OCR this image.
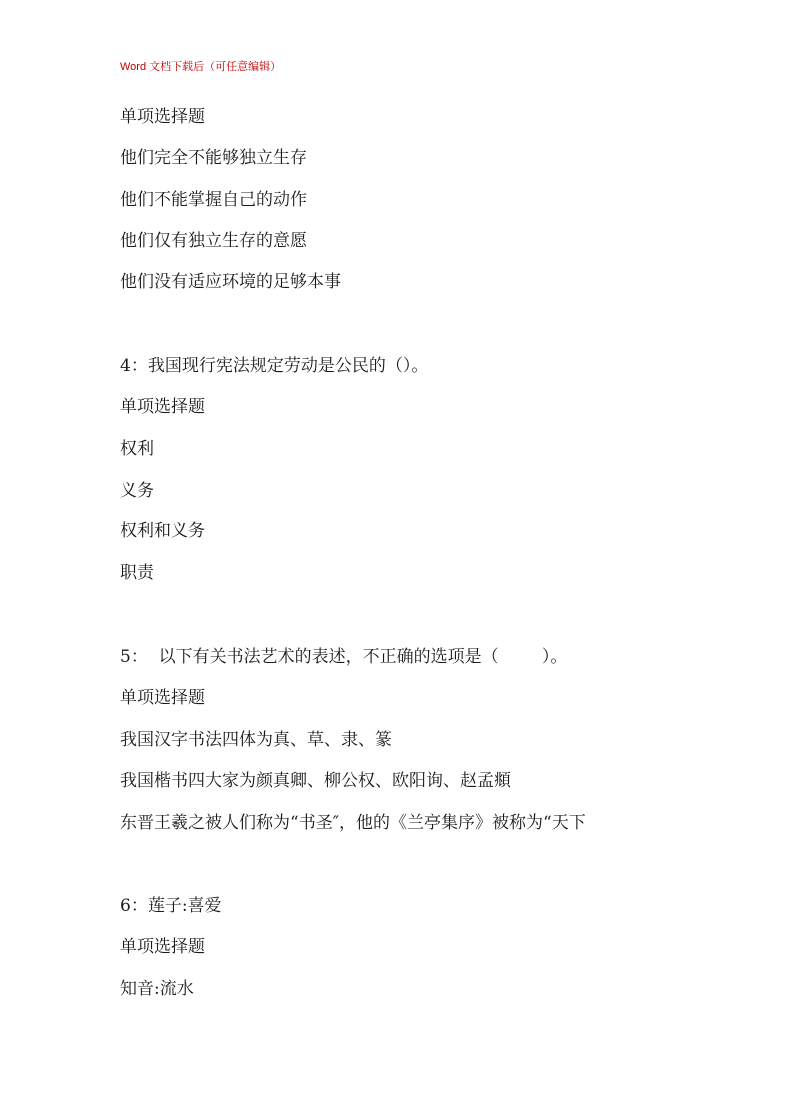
Word 文档下载后（可任意编辑）
单项选择题
他们完全不能够独立生存
他们不能掌握自己的动作
他们仅有独立生存的意愿
他们没有适应环境的足够本事
4：我国现行宪法规定劳动是公民的（）。
单项选择题
权利
义务
权利和义务
职责
5：  以下有关书法艺术的表述，不正确的选项是（        ）。
单项选择题
我国汉字书法四体为真、草、隶、篆
我国楷书四大家为颜真卿、柳公权、欧阳询、赵孟頫
东晋王羲之被人们称为“书圣″，他的《兰亭集序》被称为“天下
6：莲子:喜爱
单项选择题
知音:流水
